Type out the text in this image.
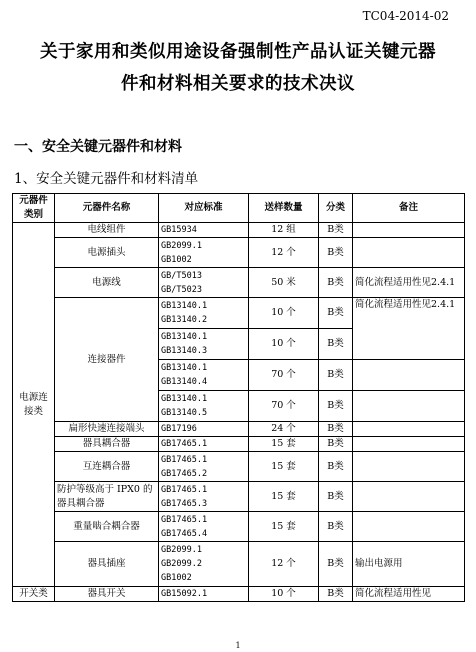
TC04-2014-02
关于家用和类似用途设备强制性产品认证关键元器
件和材料相关要求的技术决议
一、安全关键元器件和材料
1、安全关键元器件和材料清单
元器件类别	元器件名称	对应标准	送样数量	分类	备注
电源连接类	电线组件	GB15934	12 组	B类	
	电源插头	GB2099.1
GB1002	12 个	B类	
	电源线	GB/T5013
GB/T5023	50 米	B类	简化流程适用性见2.4.1
	连接器件	GB13140.1
GB13140.2	10 个	B类	简化流程适用性见2.4.1
		GB13140.1
GB13140.3	10 个	B类	
		GB13140.1
GB13140.4	70 个	B类	
		GB13140.1
GB13140.5	70 个	B类	
	扁形快速连接端头	GB17196	24 个	B类	
	器具耦合器	GB17465.1	15 套	B类	
	互连耦合器	GB17465.1
GB17465.2	15 套	B类	
	防护等级高于 IPX0 的器具耦合器	GB17465.1
GB17465.3	15 套	B类	
	重量啮合耦合器	GB17465.1
GB17465.4	15 套	B类	
	器具插座	GB2099.1
GB2099.2
GB1002	12 个	B类	输出电源用
开关类	器具开关	GB15092.1	10 个	B类	简化流程适用性见
1
